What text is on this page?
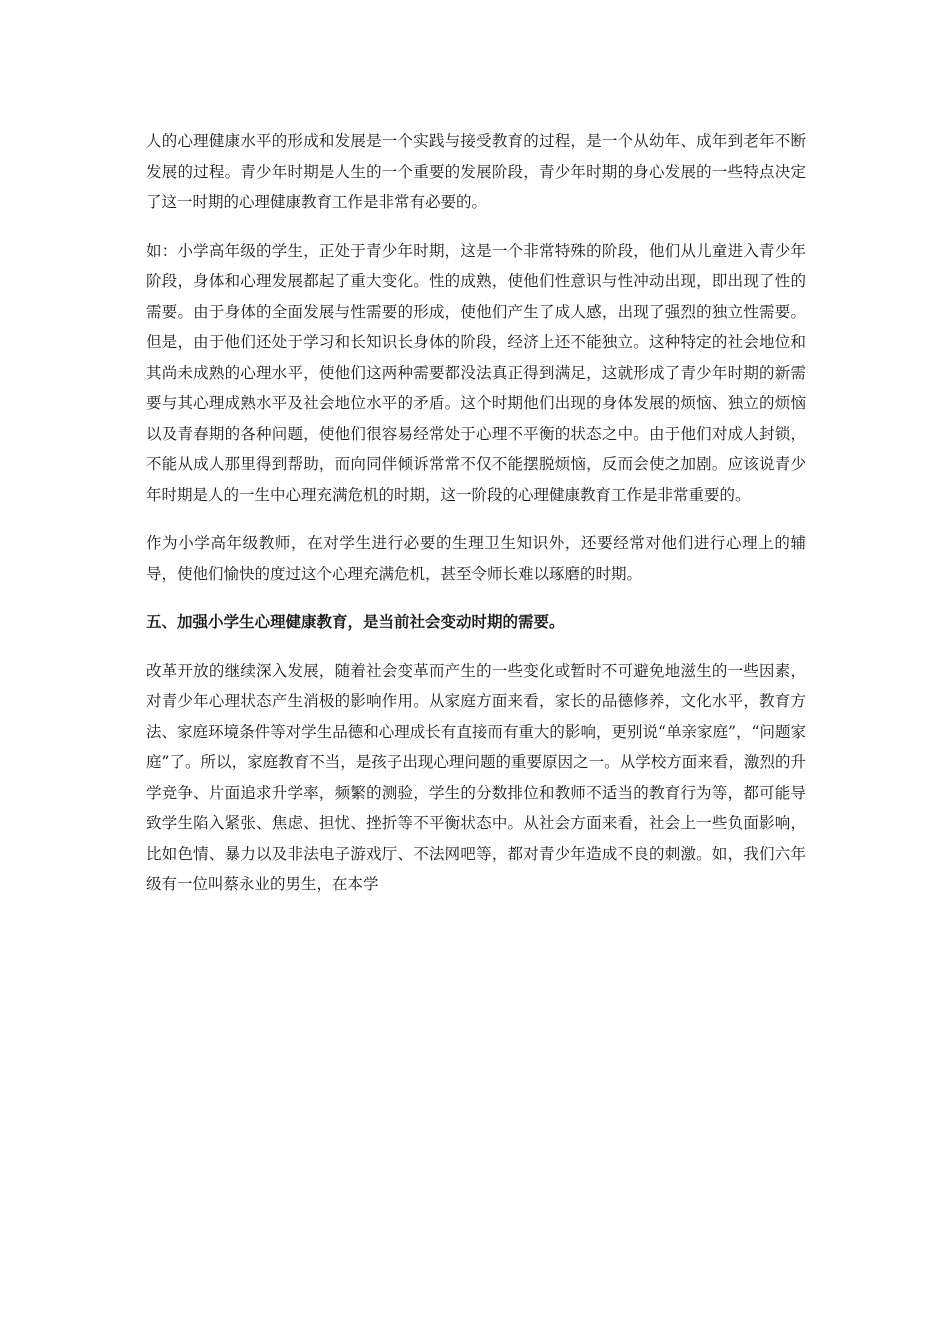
人的心理健康水平的形成和发展是一个实践与接受教育的过程，是一个从幼年、成年到老年不断发展的过程。青少年时期是人生的一个重要的发展阶段，青少年时期的身心发展的一些特点决定了这一时期的心理健康教育工作是非常有必要的。

如：小学高年级的学生，正处于青少年时期，这是一个非常特殊的阶段，他们从儿童进入青少年阶段，身体和心理发展都起了重大变化。性的成熟，使他们性意识与性冲动出现，即出现了性的需要。由于身体的全面发展与性需要的形成，使他们产生了成人感，出现了强烈的独立性需要。但是，由于他们还处于学习和长知识长身体的阶段，经济上还不能独立。这种特定的社会地位和其尚未成熟的心理水平，使他们这两种需要都没法真正得到满足，这就形成了青少年时期的新需要与其心理成熟水平及社会地位水平的矛盾。这个时期他们出现的身体发展的烦恼、独立的烦恼以及青春期的各种问题，使他们很容易经常处于心理不平衡的状态之中。由于他们对成人封锁，不能从成人那里得到帮助，而向同伴倾诉常常不仅不能摆脱烦恼，反而会使之加剧。应该说青少年时期是人的一生中心理充满危机的时期，这一阶段的心理健康教育工作是非常重要的。

作为小学高年级教师，在对学生进行必要的生理卫生知识外，还要经常对他们进行心理上的辅导，使他们愉快的度过这个心理充满危机，甚至令师长难以琢磨的时期。

五、加强小学生心理健康教育，是当前社会变动时期的需要。

改革开放的继续深入发展，随着社会变革而产生的一些变化或暂时不可避免地滋生的一些因素，对青少年心理状态产生消极的影响作用。从家庭方面来看，家长的品德修养，文化水平，教育方法、家庭环境条件等对学生品德和心理成长有直接而有重大的影响，更别说“单亲家庭”，“问题家庭”了。所以，家庭教育不当，是孩子出现心理问题的重要原因之一。从学校方面来看，激烈的升学竞争、片面追求升学率，频繁的测验，学生的分数排位和教师不适当的教育行为等，都可能导致学生陷入紧张、焦虑、担忧、挫折等不平衡状态中。从社会方面来看，社会上一些负面影响，比如色情、暴力以及非法电子游戏厅、不法网吧等，都对青少年造成不良的刺激。如，我们六年级有一位叫蔡永业的男生，在本学
